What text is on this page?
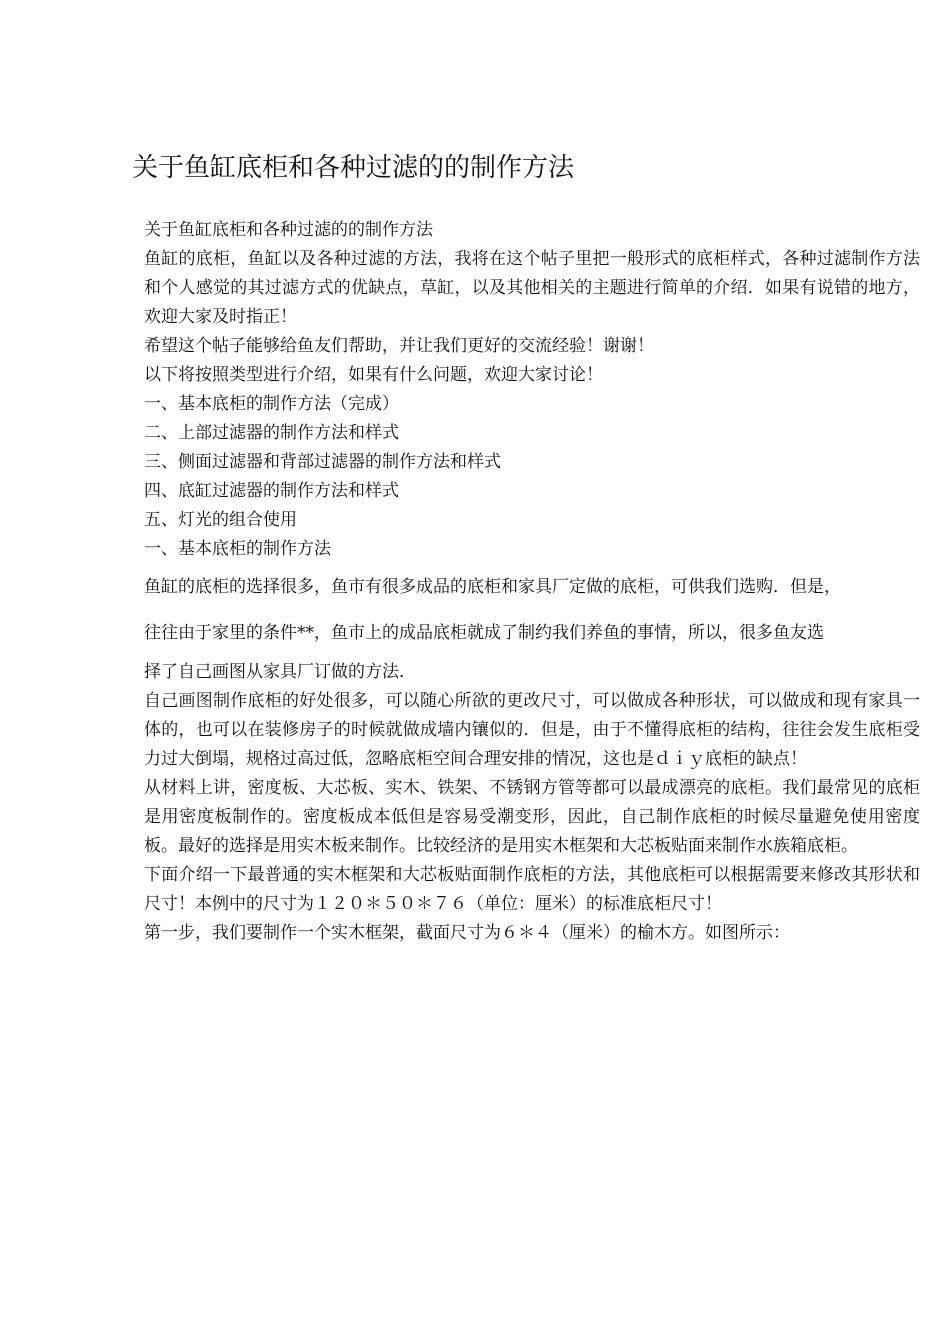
关于鱼缸底柜和各种过滤的的制作方法

关于鱼缸底柜和各种过滤的的制作方法

鱼缸的底柜，鱼缸以及各种过滤的方法，我将在这个帖子里把一般形式的底柜样式，各种过滤制作方法和个人感觉的其过滤方式的优缺点，草缸，以及其他相关的主题进行简单的介绍．如果有说错的地方，欢迎大家及时指正！

希望这个帖子能够给鱼友们帮助，并让我们更好的交流经验！谢谢！

以下将按照类型进行介绍，如果有什么问题，欢迎大家讨论！

一、基本底柜的制作方法（完成）

二、上部过滤器的制作方法和样式

三、侧面过滤器和背部过滤器的制作方法和样式

四、底缸过滤器的制作方法和样式

五、灯光的组合使用

一、基本底柜的制作方法

鱼缸的底柜的选择很多，鱼市有很多成品的底柜和家具厂定做的底柜，可供我们选购．但是，

往往由于家里的条件**，鱼市上的成品底柜就成了制约我们养鱼的事情，所以，很多鱼友选

择了自己画图从家具厂订做的方法．

自己画图制作底柜的好处很多，可以随心所欲的更改尺寸，可以做成各种形状，可以做成和现有家具一体的，也可以在装修房子的时候就做成墙内镶似的．但是，由于不懂得底柜的结构，往往会发生底柜受力过大倒塌，规格过高过低，忽略底柜空间合理安排的情况，这也是ｄｉｙ底柜的缺点！

从材料上讲，密度板、大芯板、实木、铁架、不锈钢方管等都可以最成漂亮的底柜。我们最常见的底柜是用密度板制作的。密度板成本低但是容易受潮变形，因此，自己制作底柜的时候尽量避免使用密度板。最好的选择是用实木板来制作。比较经济的是用实木框架和大芯板贴面来制作水族箱底柜。

下面介绍一下最普通的实木框架和大芯板贴面制作底柜的方法，其他底柜可以根据需要来修改其形状和尺寸！本例中的尺寸为１２０＊５０＊７６（单位：厘米）的标准底柜尺寸！

第一步，我们要制作一个实木框架，截面尺寸为６＊４（厘米）的榆木方。如图所示：
